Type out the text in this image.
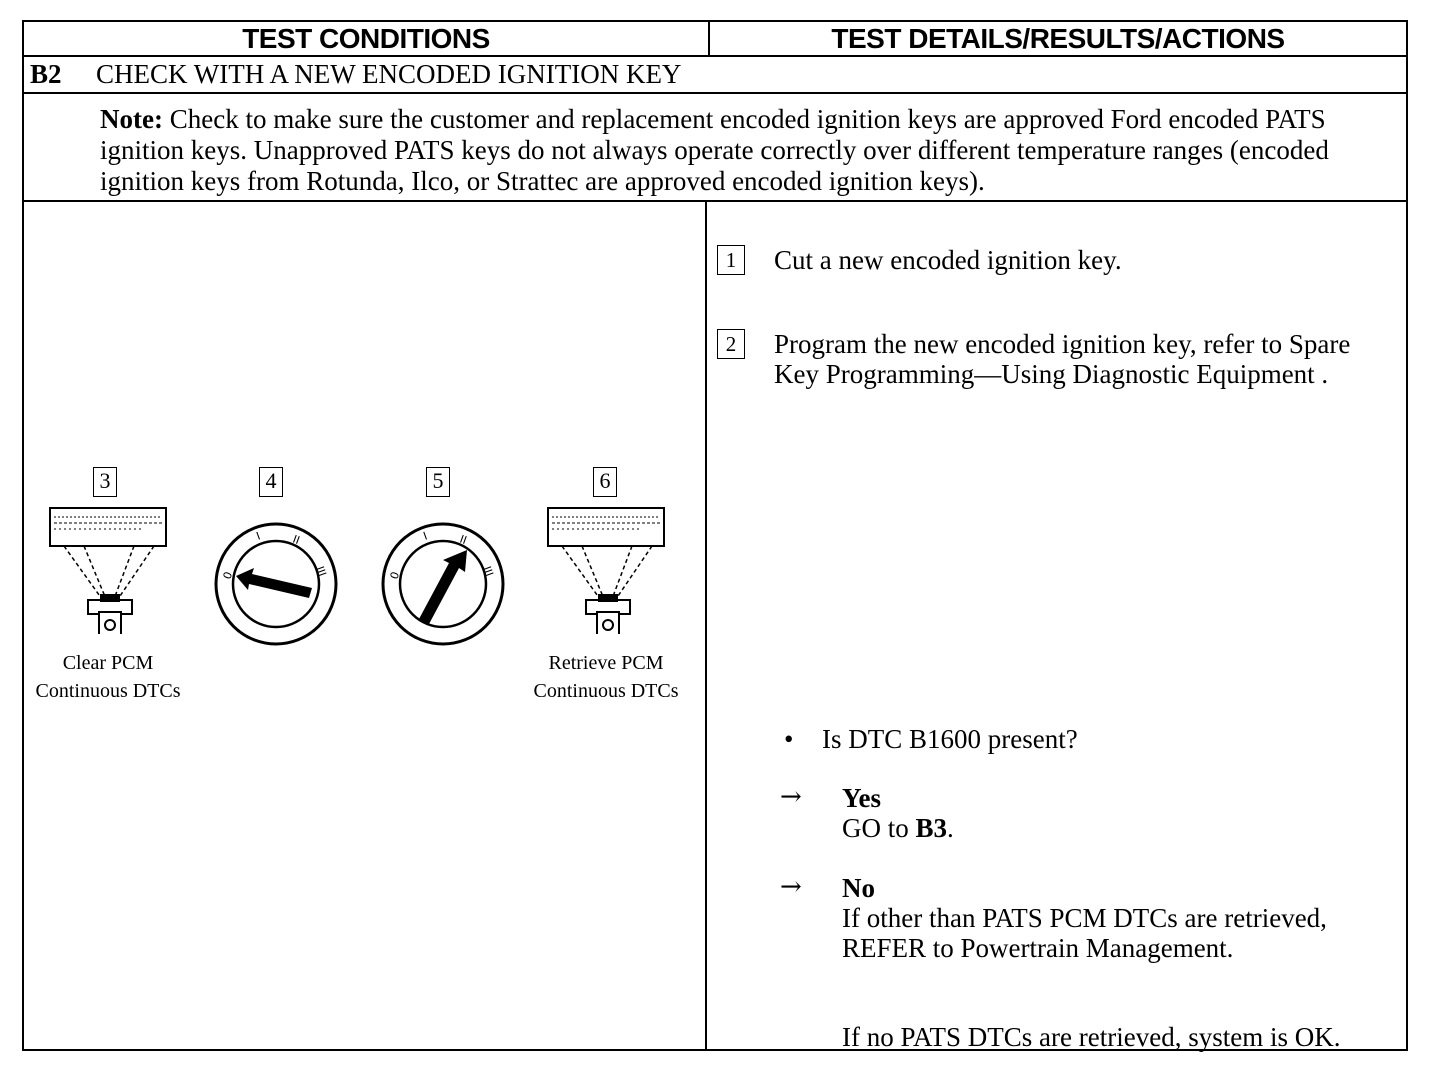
TEST CONDITIONS	TEST DETAILS/RESULTS/ACTIONS
B2 CHECK WITH A NEW ENCODED IGNITION KEY

Note: Check to make sure the customer and replacement encoded ignition keys are approved Ford encoded PATS ignition keys. Unapproved PATS keys do not always operate correctly over different temperature ranges (encoded ignition keys from Rotunda, Ilco, or Strattec are approved encoded ignition keys).

3	4	5	6
0
I	II
III	0
I	II
III
Clear PCM
Continuous DTCs
Retrieve PCM
Continuous DTCs
1	Cut a new encoded ignition key.
2	Program the new encoded ignition key, refer to Spare Key Programming—Using Diagnostic Equipment .
• Is DTC B1600 present?
→ Yes
GO to B3.
→ No
If other than PATS PCM DTCs are retrieved, REFER to Powertrain Management.
If no PATS DTCs are retrieved, system is OK.
